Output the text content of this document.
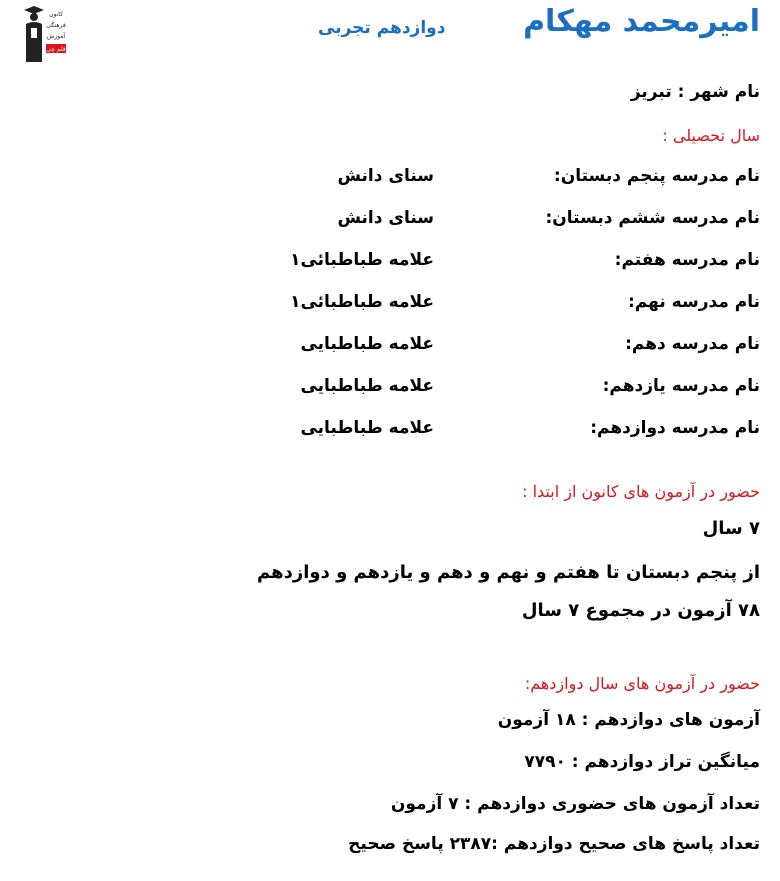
کانون
فرهنگی
آموزش
قلم چی
دوازدهم تجربی	امیرمحمد مهکام
نام شهر : تبریز
سال تحصیلی :
نام مدرسه پنجم دبستان:
سنای دانش
نام مدرسه ششم دبستان:
سنای دانش
نام مدرسه هفتم:
علامه طباطبائی۱
نام مدرسه نهم:
علامه طباطبائی۱
نام مدرسه دهم:
علامه طباطبایی
نام مدرسه یازدهم:
علامه طباطبایی
نام مدرسه دوازدهم:
علامه طباطبایی
حضور در آزمون های کانون از ابتدا :
۷ سال
از پنجم دبستان تا هفتم و نهم و دهم و یازدهم و دوازدهم
۷۸ آزمون در مجموع ۷ سال
حضور در آزمون های سال دوازدهم:
آزمون های دوازدهم : ۱۸ آزمون
میانگین تراز دوازدهم : ۷۷۹۰
تعداد آزمون های حضوری دوازدهم : ۷ آزمون
تعداد پاسخ های صحیح دوازدهم :۲۳۸۷ پاسخ صحیح
